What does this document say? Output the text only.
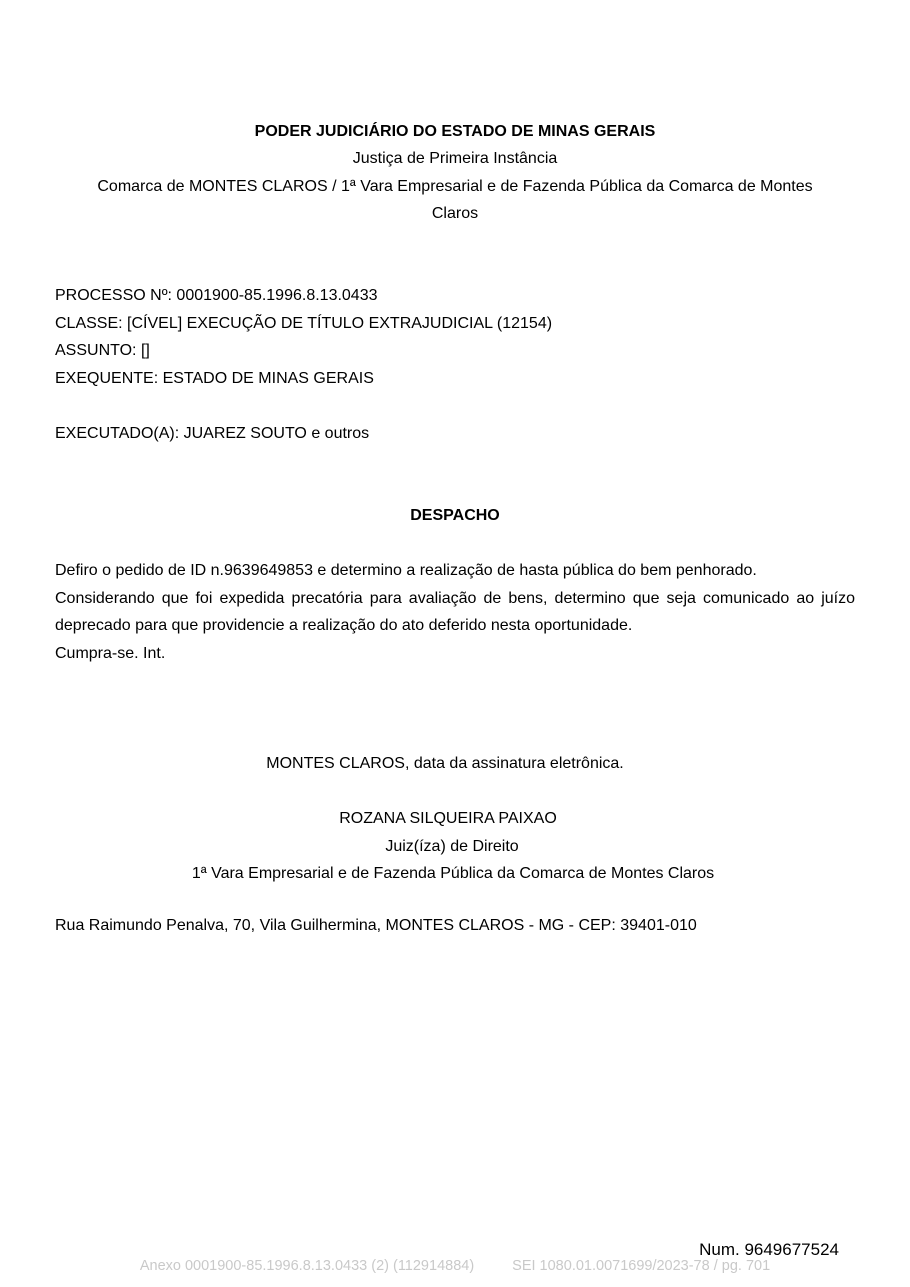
PODER JUDICIÁRIO DO ESTADO DE MINAS GERAIS
Justiça de Primeira Instância
Comarca de MONTES CLAROS / 1ª Vara Empresarial e de Fazenda Pública da Comarca de Montes
Claros
PROCESSO Nº: 0001900-85.1996.8.13.0433
CLASSE: [CÍVEL] EXECUÇÃO DE TÍTULO EXTRAJUDICIAL (12154)
ASSUNTO: []
EXEQUENTE: ESTADO DE MINAS GERAIS
EXECUTADO(A): JUAREZ SOUTO e outros
DESPACHO

Defiro o pedido de ID n.9639649853 e determino a realização de hasta pública do bem penhorado.

Considerando que foi expedida precatória para avaliação de bens, determino que seja comunicado ao juízo deprecado para que providencie a realização do ato deferido nesta oportunidade.

Cumpra-se. Int.

MONTES CLAROS, data da assinatura eletrônica.
ROZANA SILQUEIRA PAIXAO
Juiz(íza) de Direito
1ª Vara Empresarial e de Fazenda Pública da Comarca de Montes Claros
Rua Raimundo Penalva, 70, Vila Guilhermina, MONTES CLAROS - MG - CEP: 39401-010
Num. 9649677524
Anexo 0001900-85.1996.8.13.0433 (2) (112914884)	SEI 1080.01.0071699/2023-78 / pg. 701
